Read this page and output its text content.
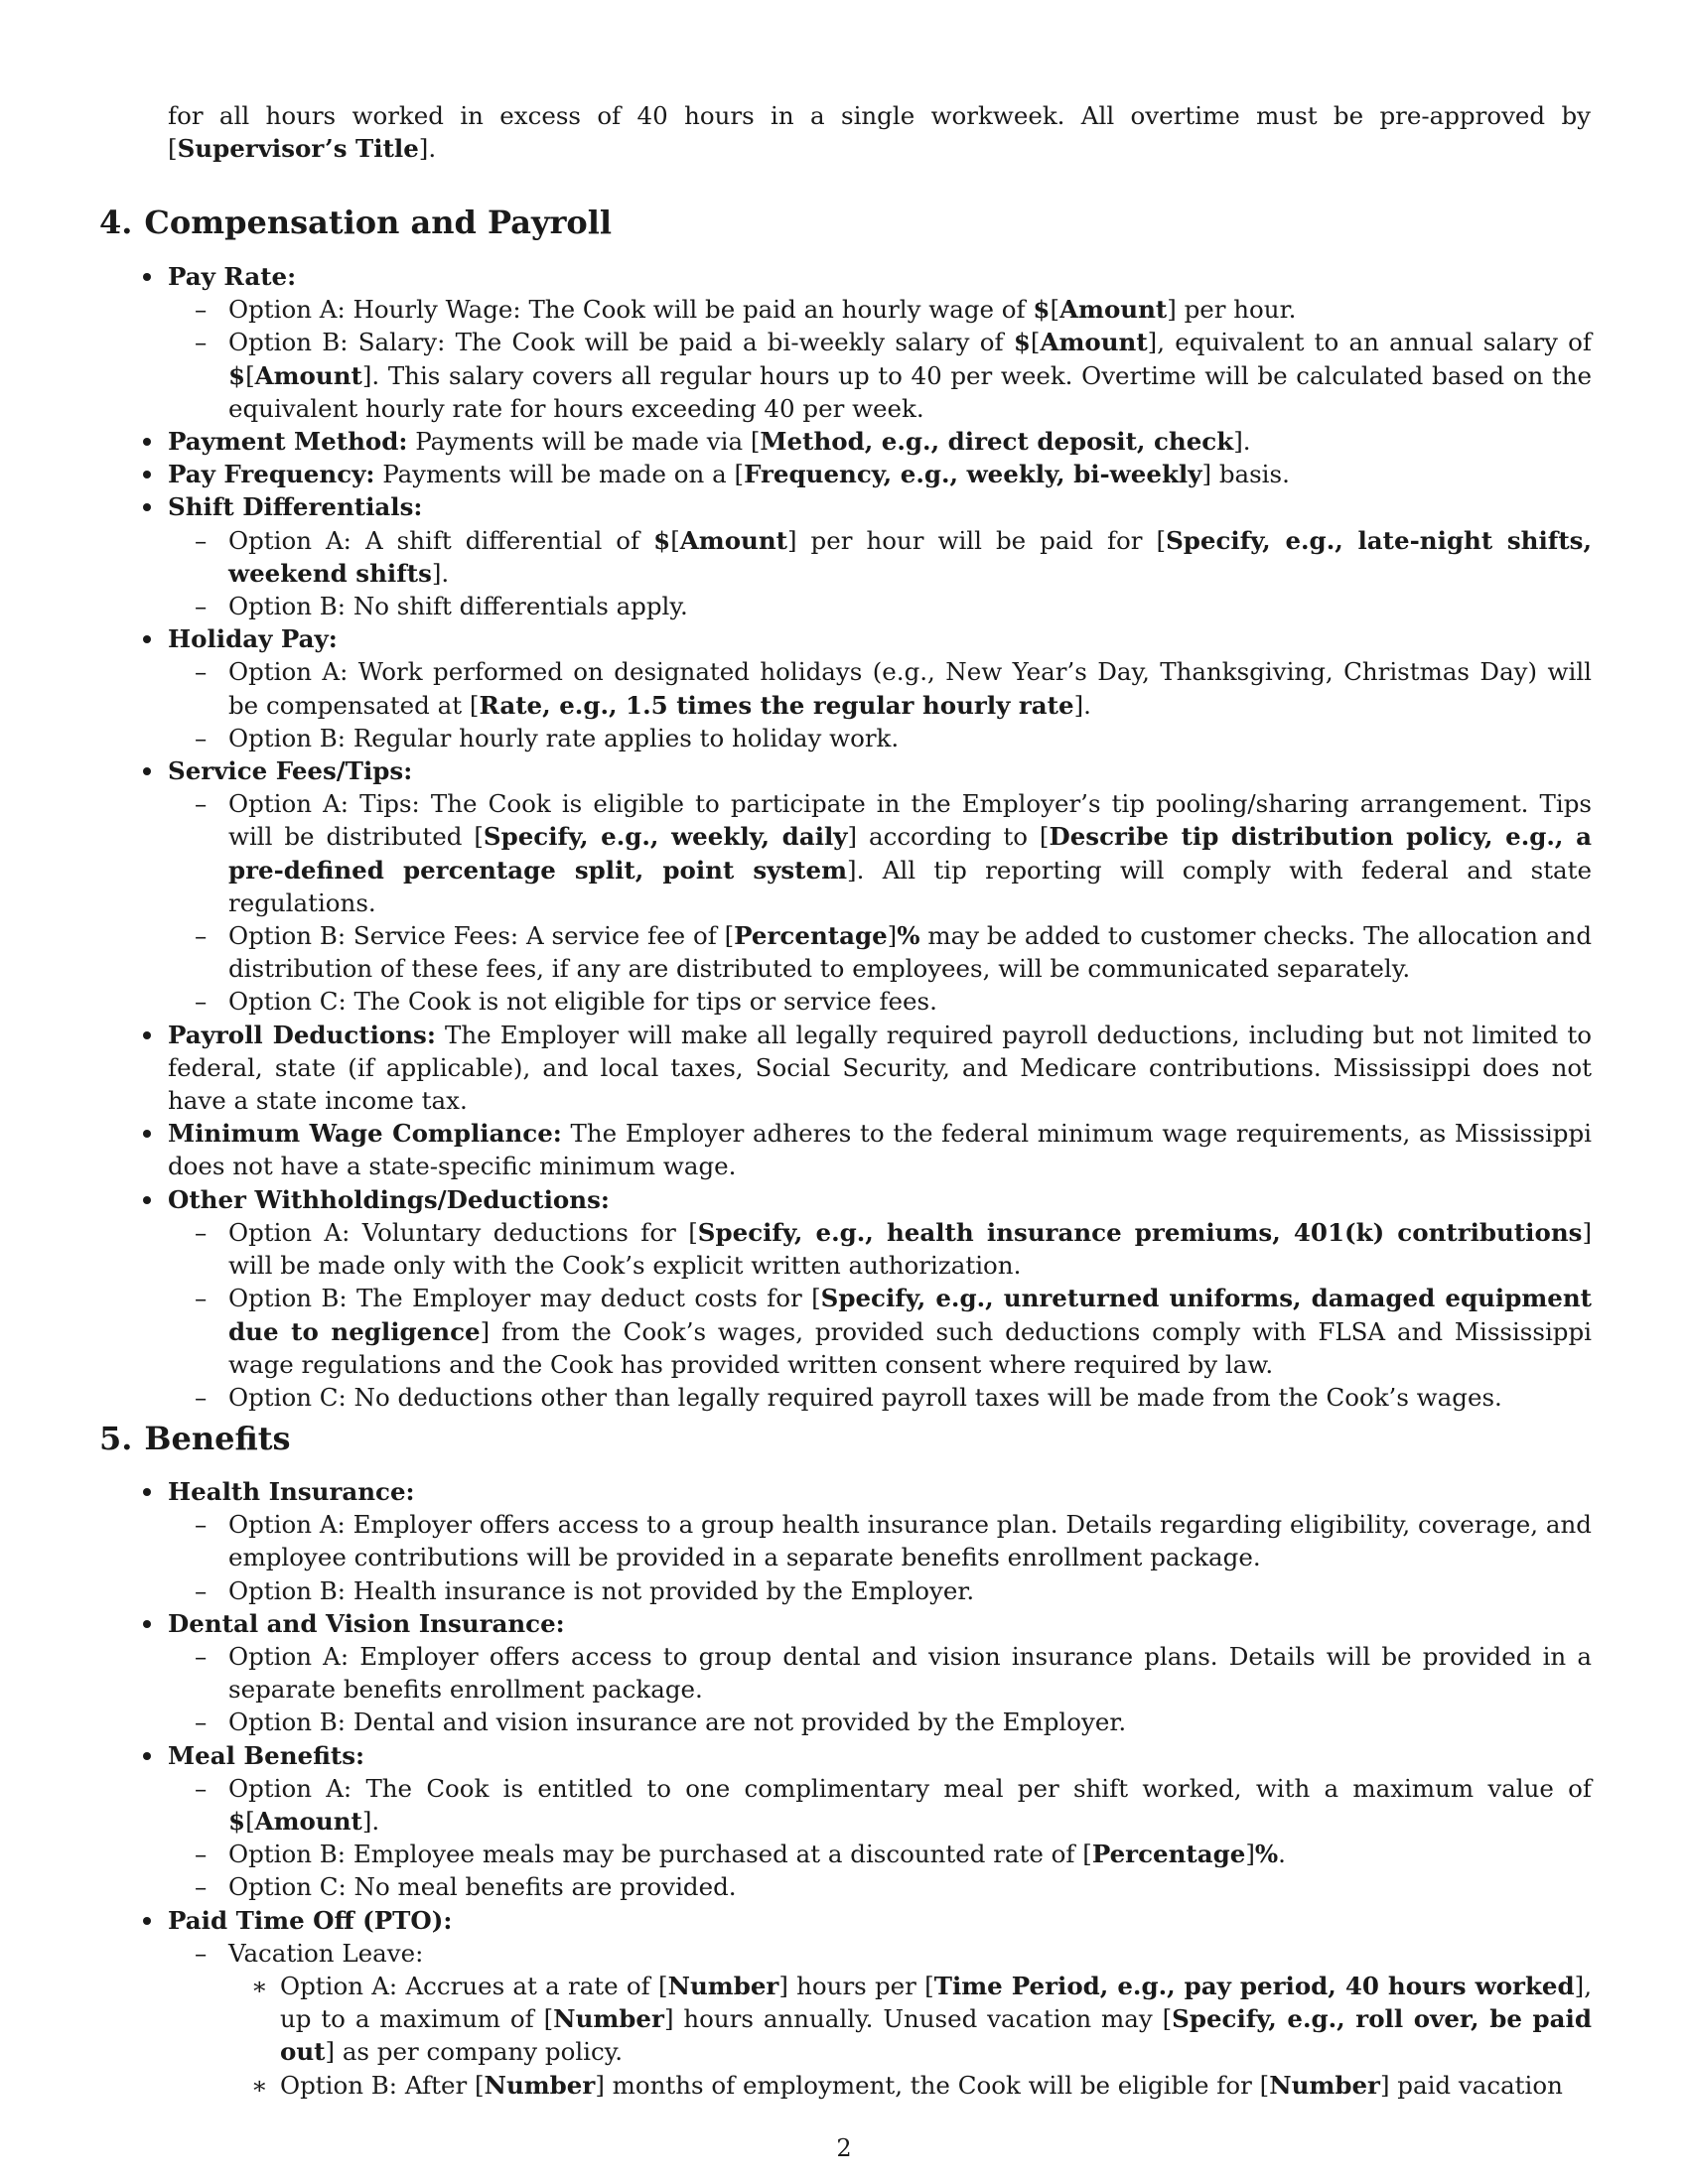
for all hours worked in excess of 40 hours in a single workweek. All overtime must be pre-approved by [Supervisor’s Title].
4. Compensation and Payroll
Pay Rate:
– Option A: Hourly Wage: The Cook will be paid an hourly wage of $[Amount] per hour.
– Option B: Salary: The Cook will be paid a bi-weekly salary of $[Amount], equivalent to an annual salary of $[Amount]. This salary covers all regular hours up to 40 per week. Overtime will be calculated based on the equivalent hourly rate for hours exceeding 40 per week.
Payment Method: Payments will be made via [Method, e.g., direct deposit, check].
Pay Frequency: Payments will be made on a [Frequency, e.g., weekly, bi-weekly] basis.
Shift Differentials:
– Option A: A shift differential of $[Amount] per hour will be paid for [Specify, e.g., late-night shifts, weekend shifts].
– Option B: No shift differentials apply.
Holiday Pay:
– Option A: Work performed on designated holidays (e.g., New Year’s Day, Thanksgiving, Christmas Day) will be compensated at [Rate, e.g., 1.5 times the regular hourly rate].
– Option B: Regular hourly rate applies to holiday work.
Service Fees/Tips:
– Option A: Tips: The Cook is eligible to participate in the Employer’s tip pooling/sharing arrangement. Tips will be distributed [Specify, e.g., weekly, daily] according to [Describe tip distribution policy, e.g., a pre-defined percentage split, point system]. All tip reporting will comply with federal and state regulations.
– Option B: Service Fees: A service fee of [Percentage]% may be added to customer checks. The allocation and distribution of these fees, if any are distributed to employees, will be communicated separately.
– Option C: The Cook is not eligible for tips or service fees.
Payroll Deductions: The Employer will make all legally required payroll deductions, including but not limited to federal, state (if applicable), and local taxes, Social Security, and Medicare contributions. Mississippi does not have a state income tax.
Minimum Wage Compliance: The Employer adheres to the federal minimum wage requirements, as Mississippi does not have a state-specific minimum wage.
Other Withholdings/Deductions:
– Option A: Voluntary deductions for [Specify, e.g., health insurance premiums, 401(k) contributions] will be made only with the Cook’s explicit written authorization.
– Option B: The Employer may deduct costs for [Specify, e.g., unreturned uniforms, damaged equipment due to negligence] from the Cook’s wages, provided such deductions comply with FLSA and Mississippi wage regulations and the Cook has provided written consent where required by law.
– Option C: No deductions other than legally required payroll taxes will be made from the Cook’s wages.
5. Benefits
Health Insurance:
– Option A: Employer offers access to a group health insurance plan. Details regarding eligibility, coverage, and employee contributions will be provided in a separate benefits enrollment package.
– Option B: Health insurance is not provided by the Employer.
Dental and Vision Insurance:
– Option A: Employer offers access to group dental and vision insurance plans. Details will be provided in a separate benefits enrollment package.
– Option B: Dental and vision insurance are not provided by the Employer.
Meal Benefits:
– Option A: The Cook is entitled to one complimentary meal per shift worked, with a maximum value of $[Amount].
– Option B: Employee meals may be purchased at a discounted rate of [Percentage]%.
– Option C: No meal benefits are provided.
Paid Time Off (PTO):
– Vacation Leave:
∗ Option A: Accrues at a rate of [Number] hours per [Time Period, e.g., pay period, 40 hours worked], up to a maximum of [Number] hours annually. Unused vacation may [Specify, e.g., roll over, be paid out] as per company policy.
∗ Option B: After [Number] months of employment, the Cook will be eligible for [Number] paid vacation
2
